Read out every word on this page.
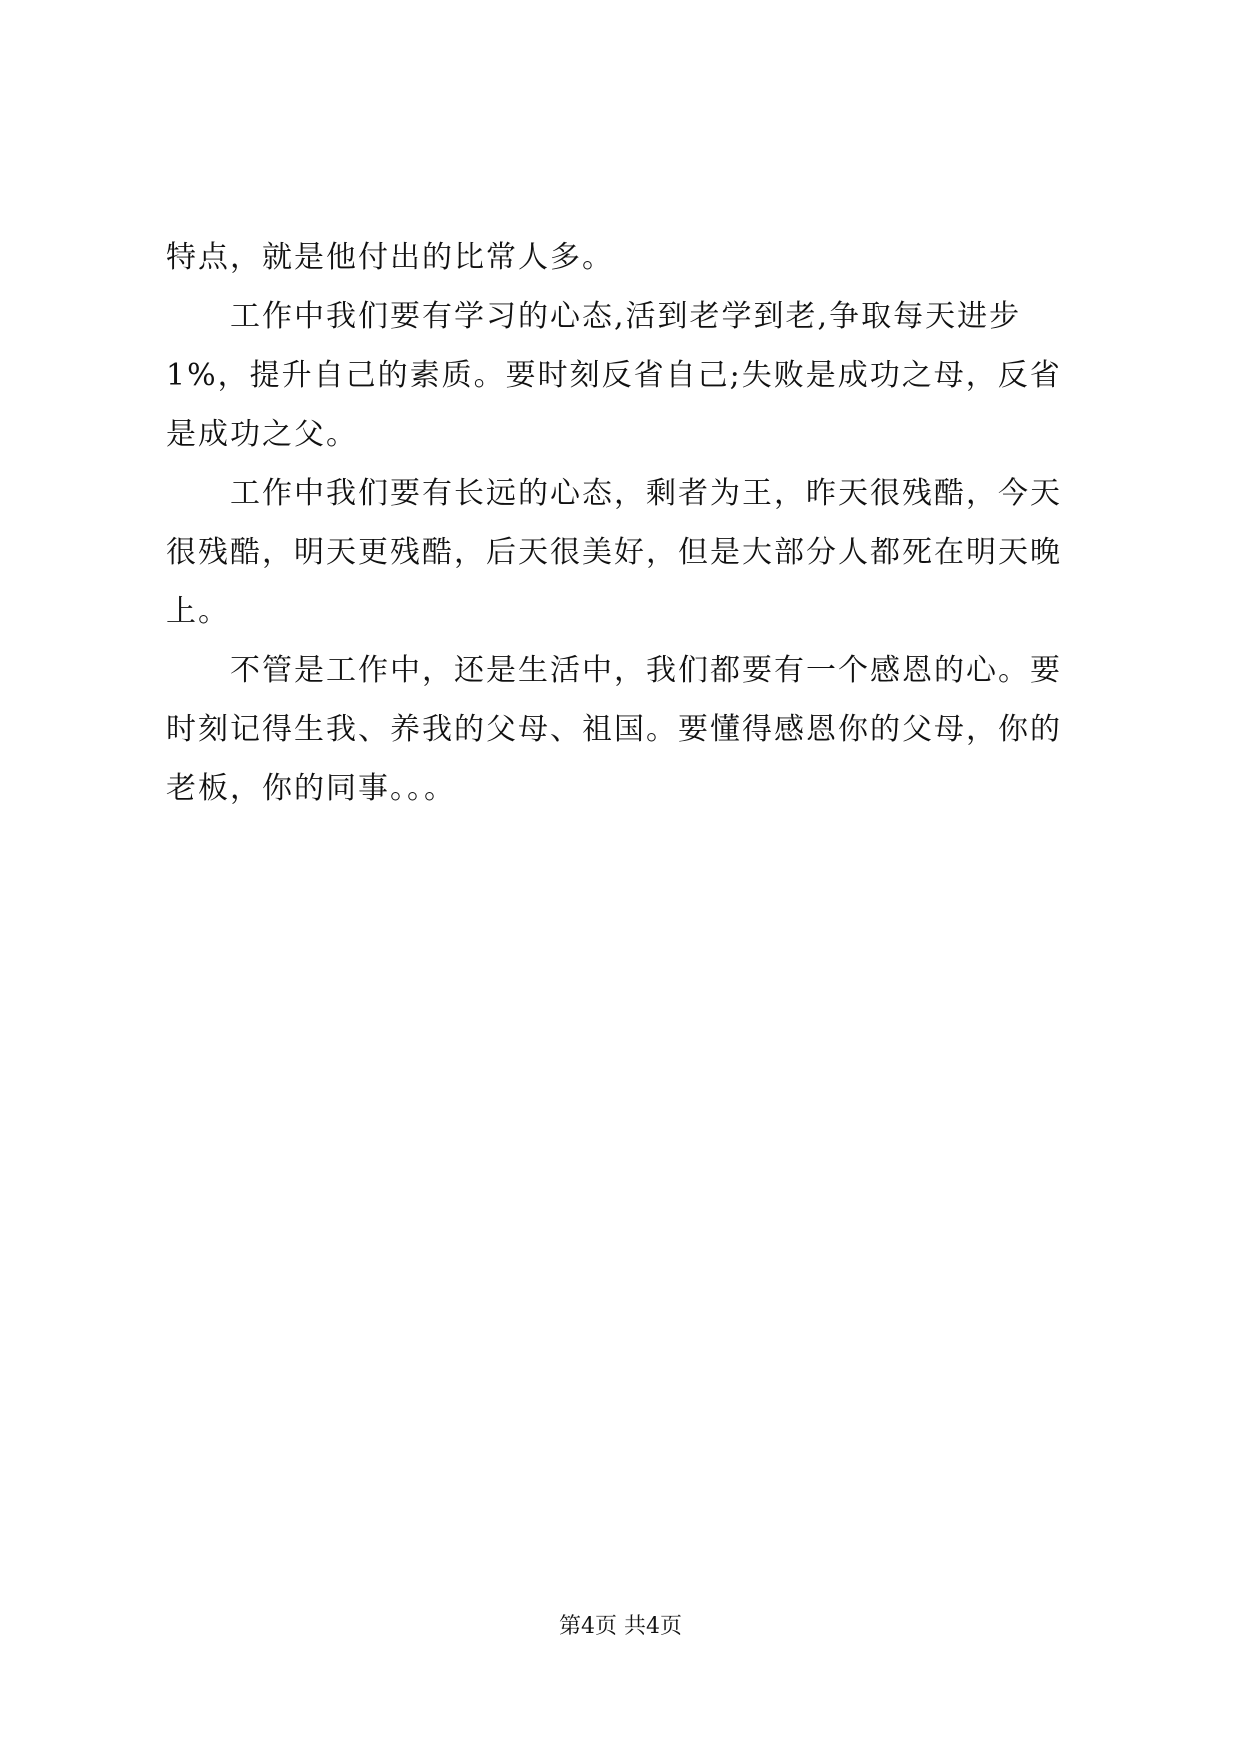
特点，就是他付出的比常人多。

工作中我们要有学习的心态,活到老学到老,争取每天进步1%，提升自己的素质。要时刻反省自己;失败是成功之母，反省是成功之父。

工作中我们要有长远的心态，剩者为王，昨天很残酷，今天很残酷，明天更残酷，后天很美好，但是大部分人都死在明天晚上。

不管是工作中，还是生活中，我们都要有一个感恩的心。要时刻记得生我、养我的父母、祖国。要懂得感恩你的父母，你的老板，你的同事。。。

第4页 共4页
